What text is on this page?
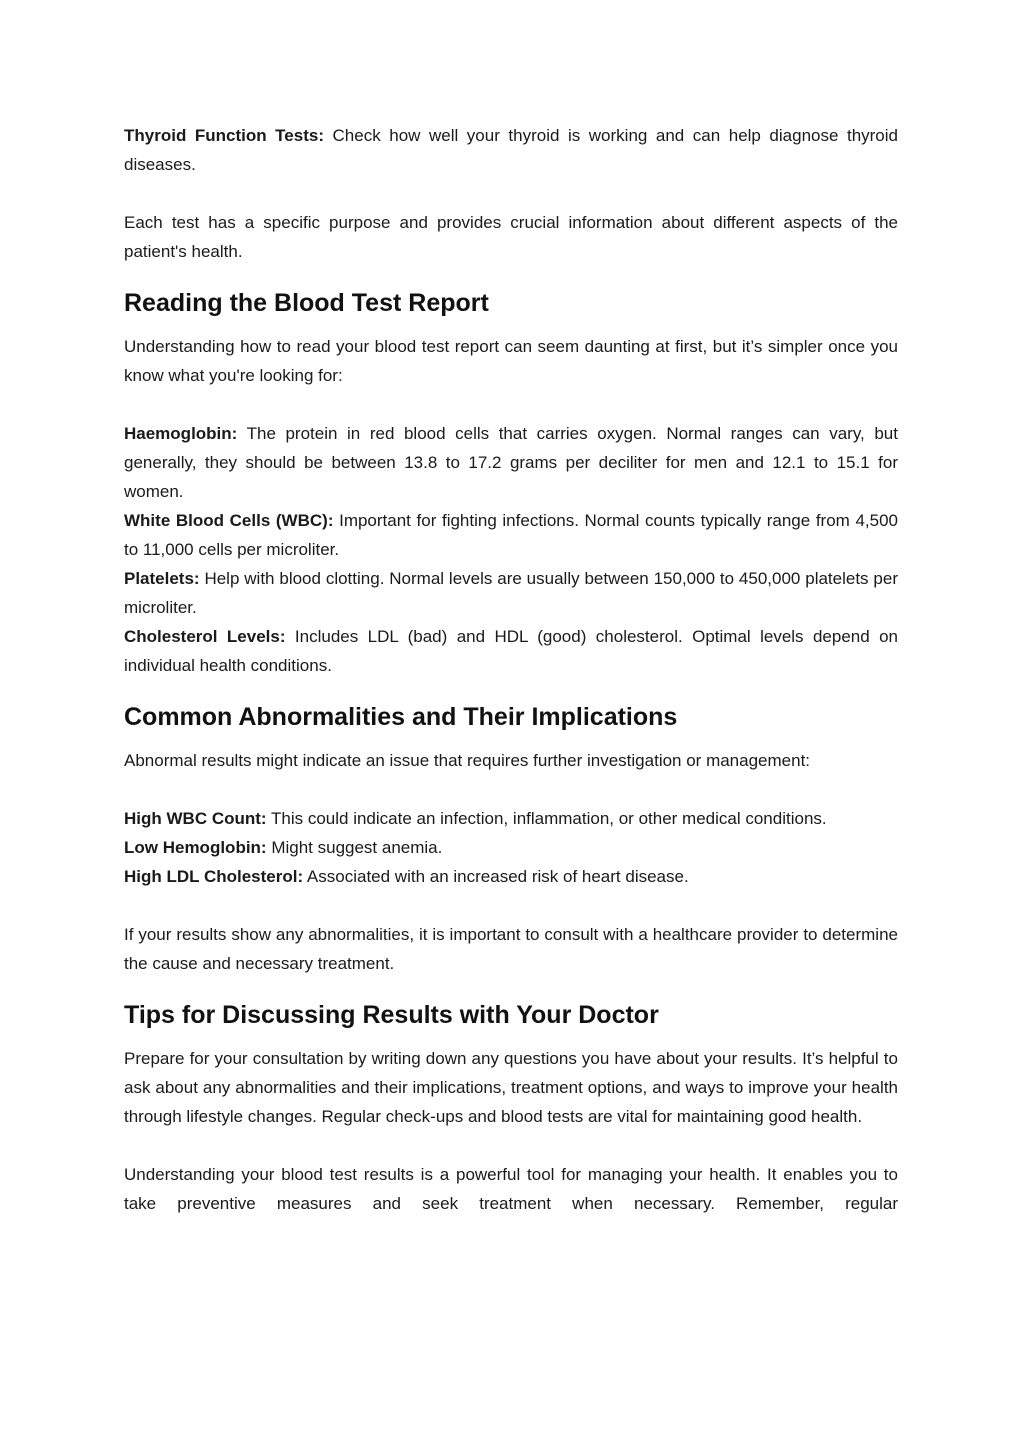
Thyroid Function Tests: Check how well your thyroid is working and can help diagnose thyroid diseases.

Each test has a specific purpose and provides crucial information about different aspects of the patient's health.

Reading the Blood Test Report

Understanding how to read your blood test report can seem daunting at first, but it’s simpler once you know what you're looking for:

Haemoglobin: The protein in red blood cells that carries oxygen. Normal ranges can vary, but generally, they should be between 13.8 to 17.2 grams per deciliter for men and 12.1 to 15.1 for women.

White Blood Cells (WBC): Important for fighting infections. Normal counts typically range from 4,500 to 11,000 cells per microliter.

Platelets: Help with blood clotting. Normal levels are usually between 150,000 to 450,000 platelets per microliter.

Cholesterol Levels: Includes LDL (bad) and HDL (good) cholesterol. Optimal levels depend on individual health conditions.

Common Abnormalities and Their Implications

Abnormal results might indicate an issue that requires further investigation or management:

High WBC Count: This could indicate an infection, inflammation, or other medical conditions.

Low Hemoglobin: Might suggest anemia.

High LDL Cholesterol: Associated with an increased risk of heart disease.

If your results show any abnormalities, it is important to consult with a healthcare provider to determine the cause and necessary treatment.

Tips for Discussing Results with Your Doctor

Prepare for your consultation by writing down any questions you have about your results. It’s helpful to ask about any abnormalities and their implications, treatment options, and ways to improve your health through lifestyle changes. Regular check-ups and blood tests are vital for maintaining good health.

Understanding your blood test results is a powerful tool for managing your health. It enables you to take preventive measures and seek treatment when necessary. Remember, regular
